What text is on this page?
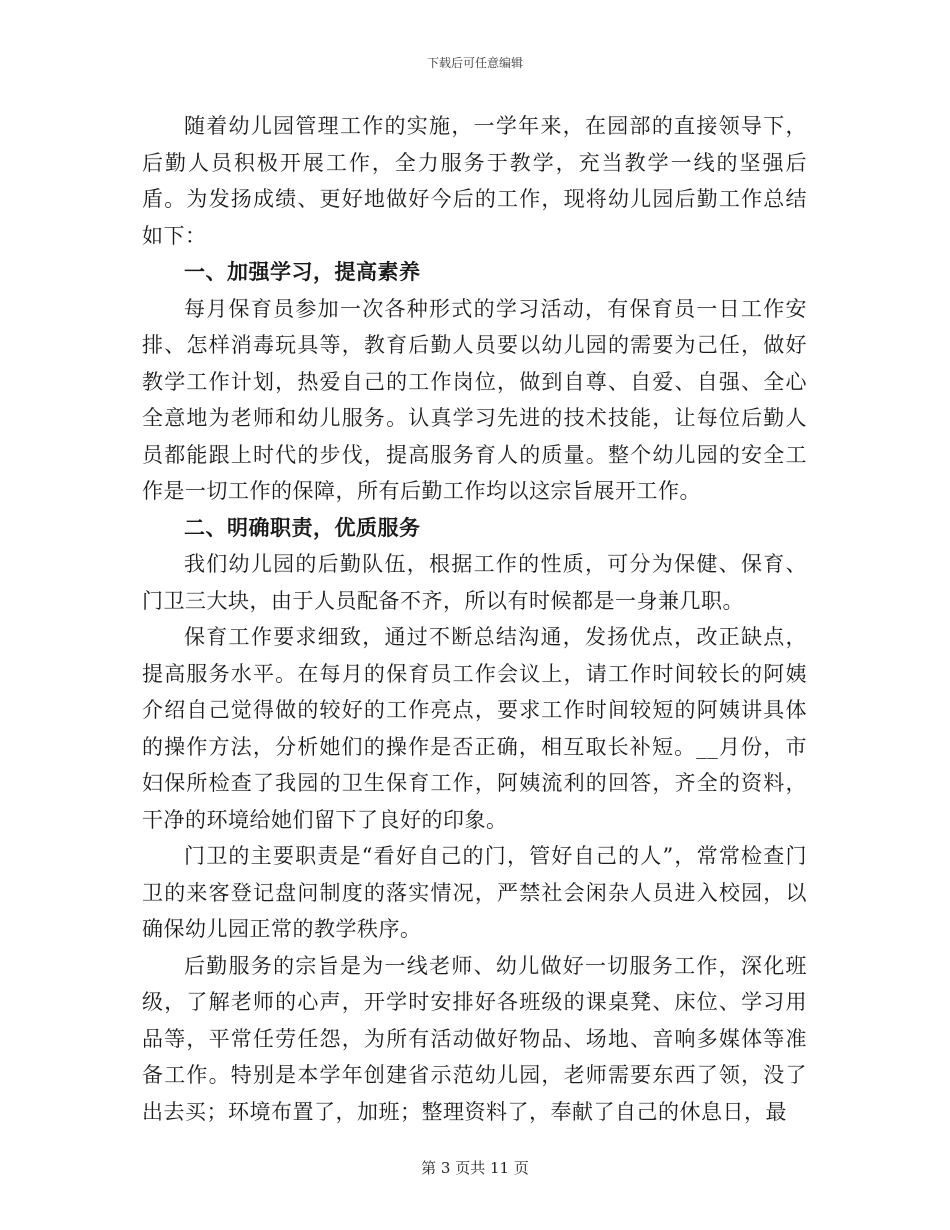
下载后可任意编辑

随着幼儿园管理工作的实施，一学年来，在园部的直接领导下，后勤人员积极开展工作，全力服务于教学，充当教学一线的坚强后盾。为发扬成绩、更好地做好今后的工作，现将幼儿园后勤工作总结如下：

一、加强学习，提高素养

每月保育员参加一次各种形式的学习活动，有保育员一日工作安排、怎样消毒玩具等，教育后勤人员要以幼儿园的需要为己任，做好教学工作计划，热爱自己的工作岗位，做到自尊、自爱、自强、全心全意地为老师和幼儿服务。认真学习先进的技术技能，让每位后勤人员都能跟上时代的步伐，提高服务育人的质量。整个幼儿园的安全工作是一切工作的保障，所有后勤工作均以这宗旨展开工作。

二、明确职责，优质服务

我们幼儿园的后勤队伍，根据工作的性质，可分为保健、保育、门卫三大块，由于人员配备不齐，所以有时候都是一身兼几职。

保育工作要求细致，通过不断总结沟通，发扬优点，改正缺点，提高服务水平。在每月的保育员工作会议上，请工作时间较长的阿姨介绍自己觉得做的较好的工作亮点，要求工作时间较短的阿姨讲具体的操作方法，分析她们的操作是否正确，相互取长补短。__月份，市妇保所检查了我园的卫生保育工作，阿姨流利的回答，齐全的资料，干净的环境给她们留下了良好的印象。

门卫的主要职责是“看好自己的门，管好自己的人”，常常检查门卫的来客登记盘问制度的落实情况，严禁社会闲杂人员进入校园，以确保幼儿园正常的教学秩序。

后勤服务的宗旨是为一线老师、幼儿做好一切服务工作，深化班级，了解老师的心声，开学时安排好各班级的课桌凳、床位、学习用品等，平常任劳任怨，为所有活动做好物品、场地、音响多媒体等准备工作。特别是本学年创建省示范幼儿园，老师需要东西了领，没了出去买；环境布置了，加班；整理资料了，奉献了自己的休息日，最

第 3 页共 11 页
